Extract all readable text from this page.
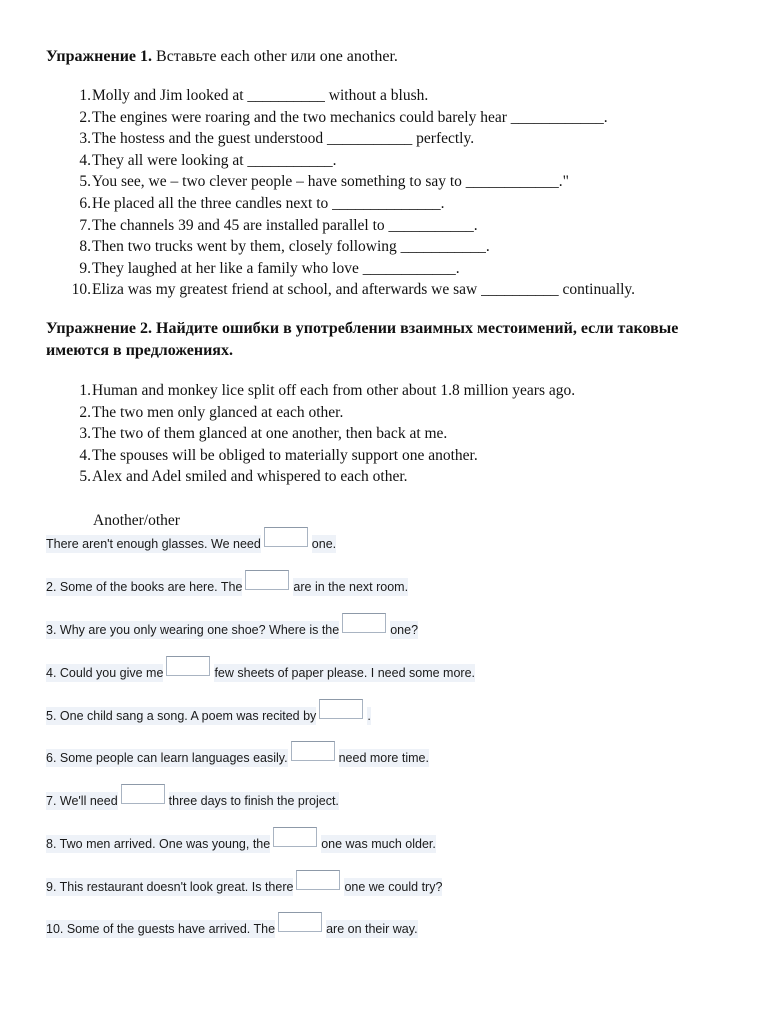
Упражнение 1. Вставьте each other или one another.
1. Molly and Jim looked at __________ without a blush.
2. The engines were roaring and the two mechanics could barely hear ____________.
3. The hostess and the guest understood ___________ perfectly.
4. They all were looking at ___________.
5. You see, we – two clever people – have something to say to ____________."
6. He placed all the three candles next to ______________.
7. The channels 39 and 45 are installed parallel to ___________.
8. Then two trucks went by them, closely following ___________.
9. They laughed at her like a family who love ____________.
10. Eliza was my greatest friend at school, and afterwards we saw __________ continually.
Упражнение 2. Найдите ошибки в употреблении взаимных местоимений, если таковые имеются в предложениях.
1. Human and monkey lice split off each from other about 1.8 million years ago.
2. The two men only glanced at each other.
3. The two of them glanced at one another, then back at me.
4. The spouses will be obliged to materially support one another.
5. Alex and Adel smiled and whispered to each other.
Another/other
There aren't enough glasses. We need	one.
2. Some of the books are here. The	are in the next room.
3. Why are you only wearing one shoe? Where is the	one?
4. Could you give me	few sheets of paper please. I need some more.
5. One child sang a song. A poem was recited by	.
6. Some people can learn languages easily.	need more time.
7. We'll need	three days to finish the project.
8. Two men arrived. One was young, the	one was much older.
9. This restaurant doesn't look great. Is there	one we could try?
10. Some of the guests have arrived. The	are on their way.
